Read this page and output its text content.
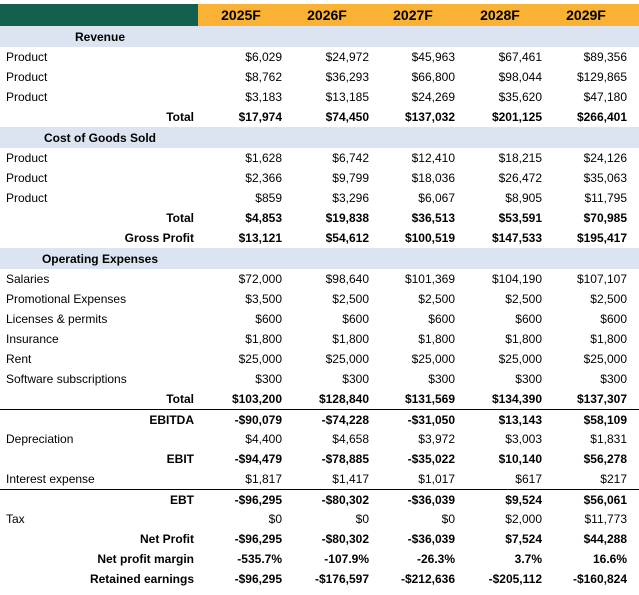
2025F	2026F	2027F	2028F	2029F
Revenue
Product	$6,029	$24,972	$45,963	$67,461	$89,356
Product	$8,762	$36,293	$66,800	$98,044	$129,865
Product	$3,183	$13,185	$24,269	$35,620	$47,180
Total	$17,974	$74,450	$137,032	$201,125	$266,401
Cost of Goods Sold
Product	$1,628	$6,742	$12,410	$18,215	$24,126
Product	$2,366	$9,799	$18,036	$26,472	$35,063
Product	$859	$3,296	$6,067	$8,905	$11,795
Total	$4,853	$19,838	$36,513	$53,591	$70,985
Gross Profit	$13,121	$54,612	$100,519	$147,533	$195,417
Operating Expenses
Salaries	$72,000	$98,640	$101,369	$104,190	$107,107
Promotional Expenses	$3,500	$2,500	$2,500	$2,500	$2,500
Licenses & permits	$600	$600	$600	$600	$600
Insurance	$1,800	$1,800	$1,800	$1,800	$1,800
Rent	$25,000	$25,000	$25,000	$25,000	$25,000
Software subscriptions	$300	$300	$300	$300	$300
Total	$103,200	$128,840	$131,569	$134,390	$137,307
EBITDA	-$90,079	-$74,228	-$31,050	$13,143	$58,109
Depreciation	$4,400	$4,658	$3,972	$3,003	$1,831
EBIT	-$94,479	-$78,885	-$35,022	$10,140	$56,278
Interest expense	$1,817	$1,417	$1,017	$617	$217
EBT	-$96,295	-$80,302	-$36,039	$9,524	$56,061
Tax	$0	$0	$0	$2,000	$11,773
Net Profit	-$96,295	-$80,302	-$36,039	$7,524	$44,288
Net profit margin	-535.7%	-107.9%	-26.3%	3.7%	16.6%
Retained earnings	-$96,295	-$176,597	-$212,636	-$205,112	-$160,824
